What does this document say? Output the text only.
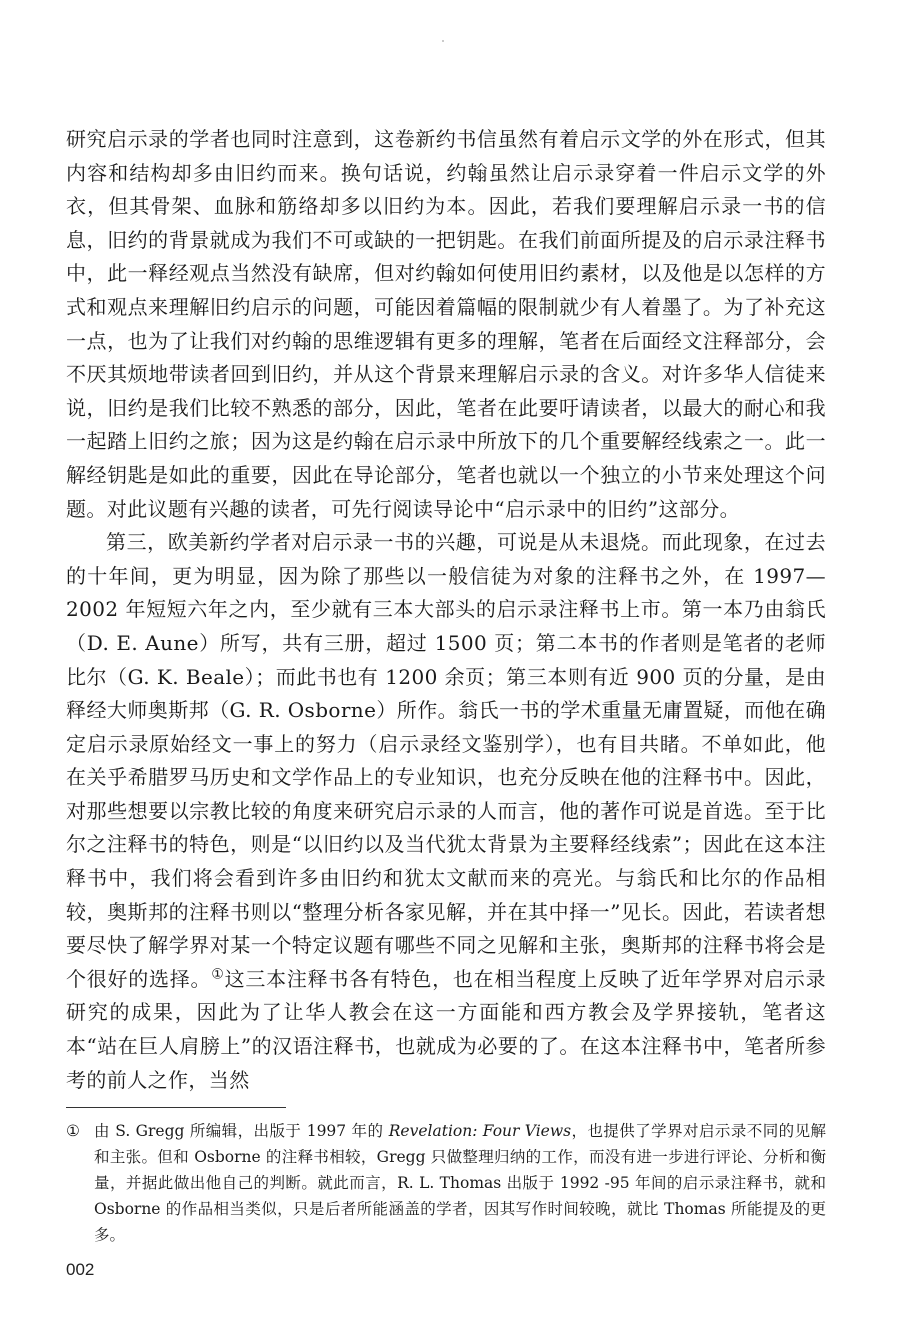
研究启示录的学者也同时注意到，这卷新约书信虽然有着启示文学的外在形式，但其内容和结构却多由旧约而来。换句话说，约翰虽然让启示录穿着一件启示文学的外衣，但其骨架、血脉和筋络却多以旧约为本。因此，若我们要理解启示录一书的信息，旧约的背景就成为我们不可或缺的一把钥匙。在我们前面所提及的启示录注释书中，此一释经观点当然没有缺席，但对约翰如何使用旧约素材，以及他是以怎样的方式和观点来理解旧约启示的问题，可能因着篇幅的限制就少有人着墨了。为了补充这一点，也为了让我们对约翰的思维逻辑有更多的理解，笔者在后面经文注释部分，会不厌其烦地带读者回到旧约，并从这个背景来理解启示录的含义。对许多华人信徒来说，旧约是我们比较不熟悉的部分，因此，笔者在此要吁请读者，以最大的耐心和我一起踏上旧约之旅；因为这是约翰在启示录中所放下的几个重要解经线索之一。此一解经钥匙是如此的重要，因此在导论部分，笔者也就以一个独立的小节来处理这个问题。对此议题有兴趣的读者，可先行阅读导论中“启示录中的旧约”这部分。

第三，欧美新约学者对启示录一书的兴趣，可说是从未退烧。而此现象，在过去的十年间，更为明显，因为除了那些以一般信徒为对象的注释书之外，在 1997—2002 年短短六年之内，至少就有三本大部头的启示录注释书上市。第一本乃由翁氏（D. E. Aune）所写，共有三册，超过 1500 页；第二本书的作者则是笔者的老师比尔（G. K. Beale）；而此书也有 1200 余页；第三本则有近 900 页的分量，是由释经大师奥斯邦（G. R. Osborne）所作。翁氏一书的学术重量无庸置疑，而他在确定启示录原始经文一事上的努力（启示录经文鉴别学），也有目共睹。不单如此，他在关乎希腊罗马历史和文学作品上的专业知识，也充分反映在他的注释书中。因此，对那些想要以宗教比较的角度来研究启示录的人而言，他的著作可说是首选。至于比尔之注释书的特色，则是“以旧约以及当代犹太背景为主要释经线索”；因此在这本注释书中，我们将会看到许多由旧约和犹太文献而来的亮光。与翁氏和比尔的作品相较，奥斯邦的注释书则以“整理分析各家见解，并在其中择一”见长。因此，若读者想要尽快了解学界对某一个特定议题有哪些不同之见解和主张，奥斯邦的注释书将会是个很好的选择。①这三本注释书各有特色，也在相当程度上反映了近年学界对启示录研究的成果，因此为了让华人教会在这一方面能和西方教会及学界接轨，笔者这本“站在巨人肩膀上”的汉语注释书，也就成为必要的了。在这本注释书中，笔者所参考的前人之作，当然

① 由 S. Gregg 所编辑，出版于 1997 年的 Revelation: Four Views，也提供了学界对启示录不同的见解和主张。但和 Osborne 的注释书相较，Gregg 只做整理归纳的工作，而没有进一步进行评论、分析和衡量，并据此做出他自己的判断。就此而言，R. L. Thomas 出版于 1992 -95 年间的启示录注释书，就和 Osborne 的作品相当类似，只是后者所能涵盖的学者，因其写作时间较晚，就比 Thomas 所能提及的更多。
002
